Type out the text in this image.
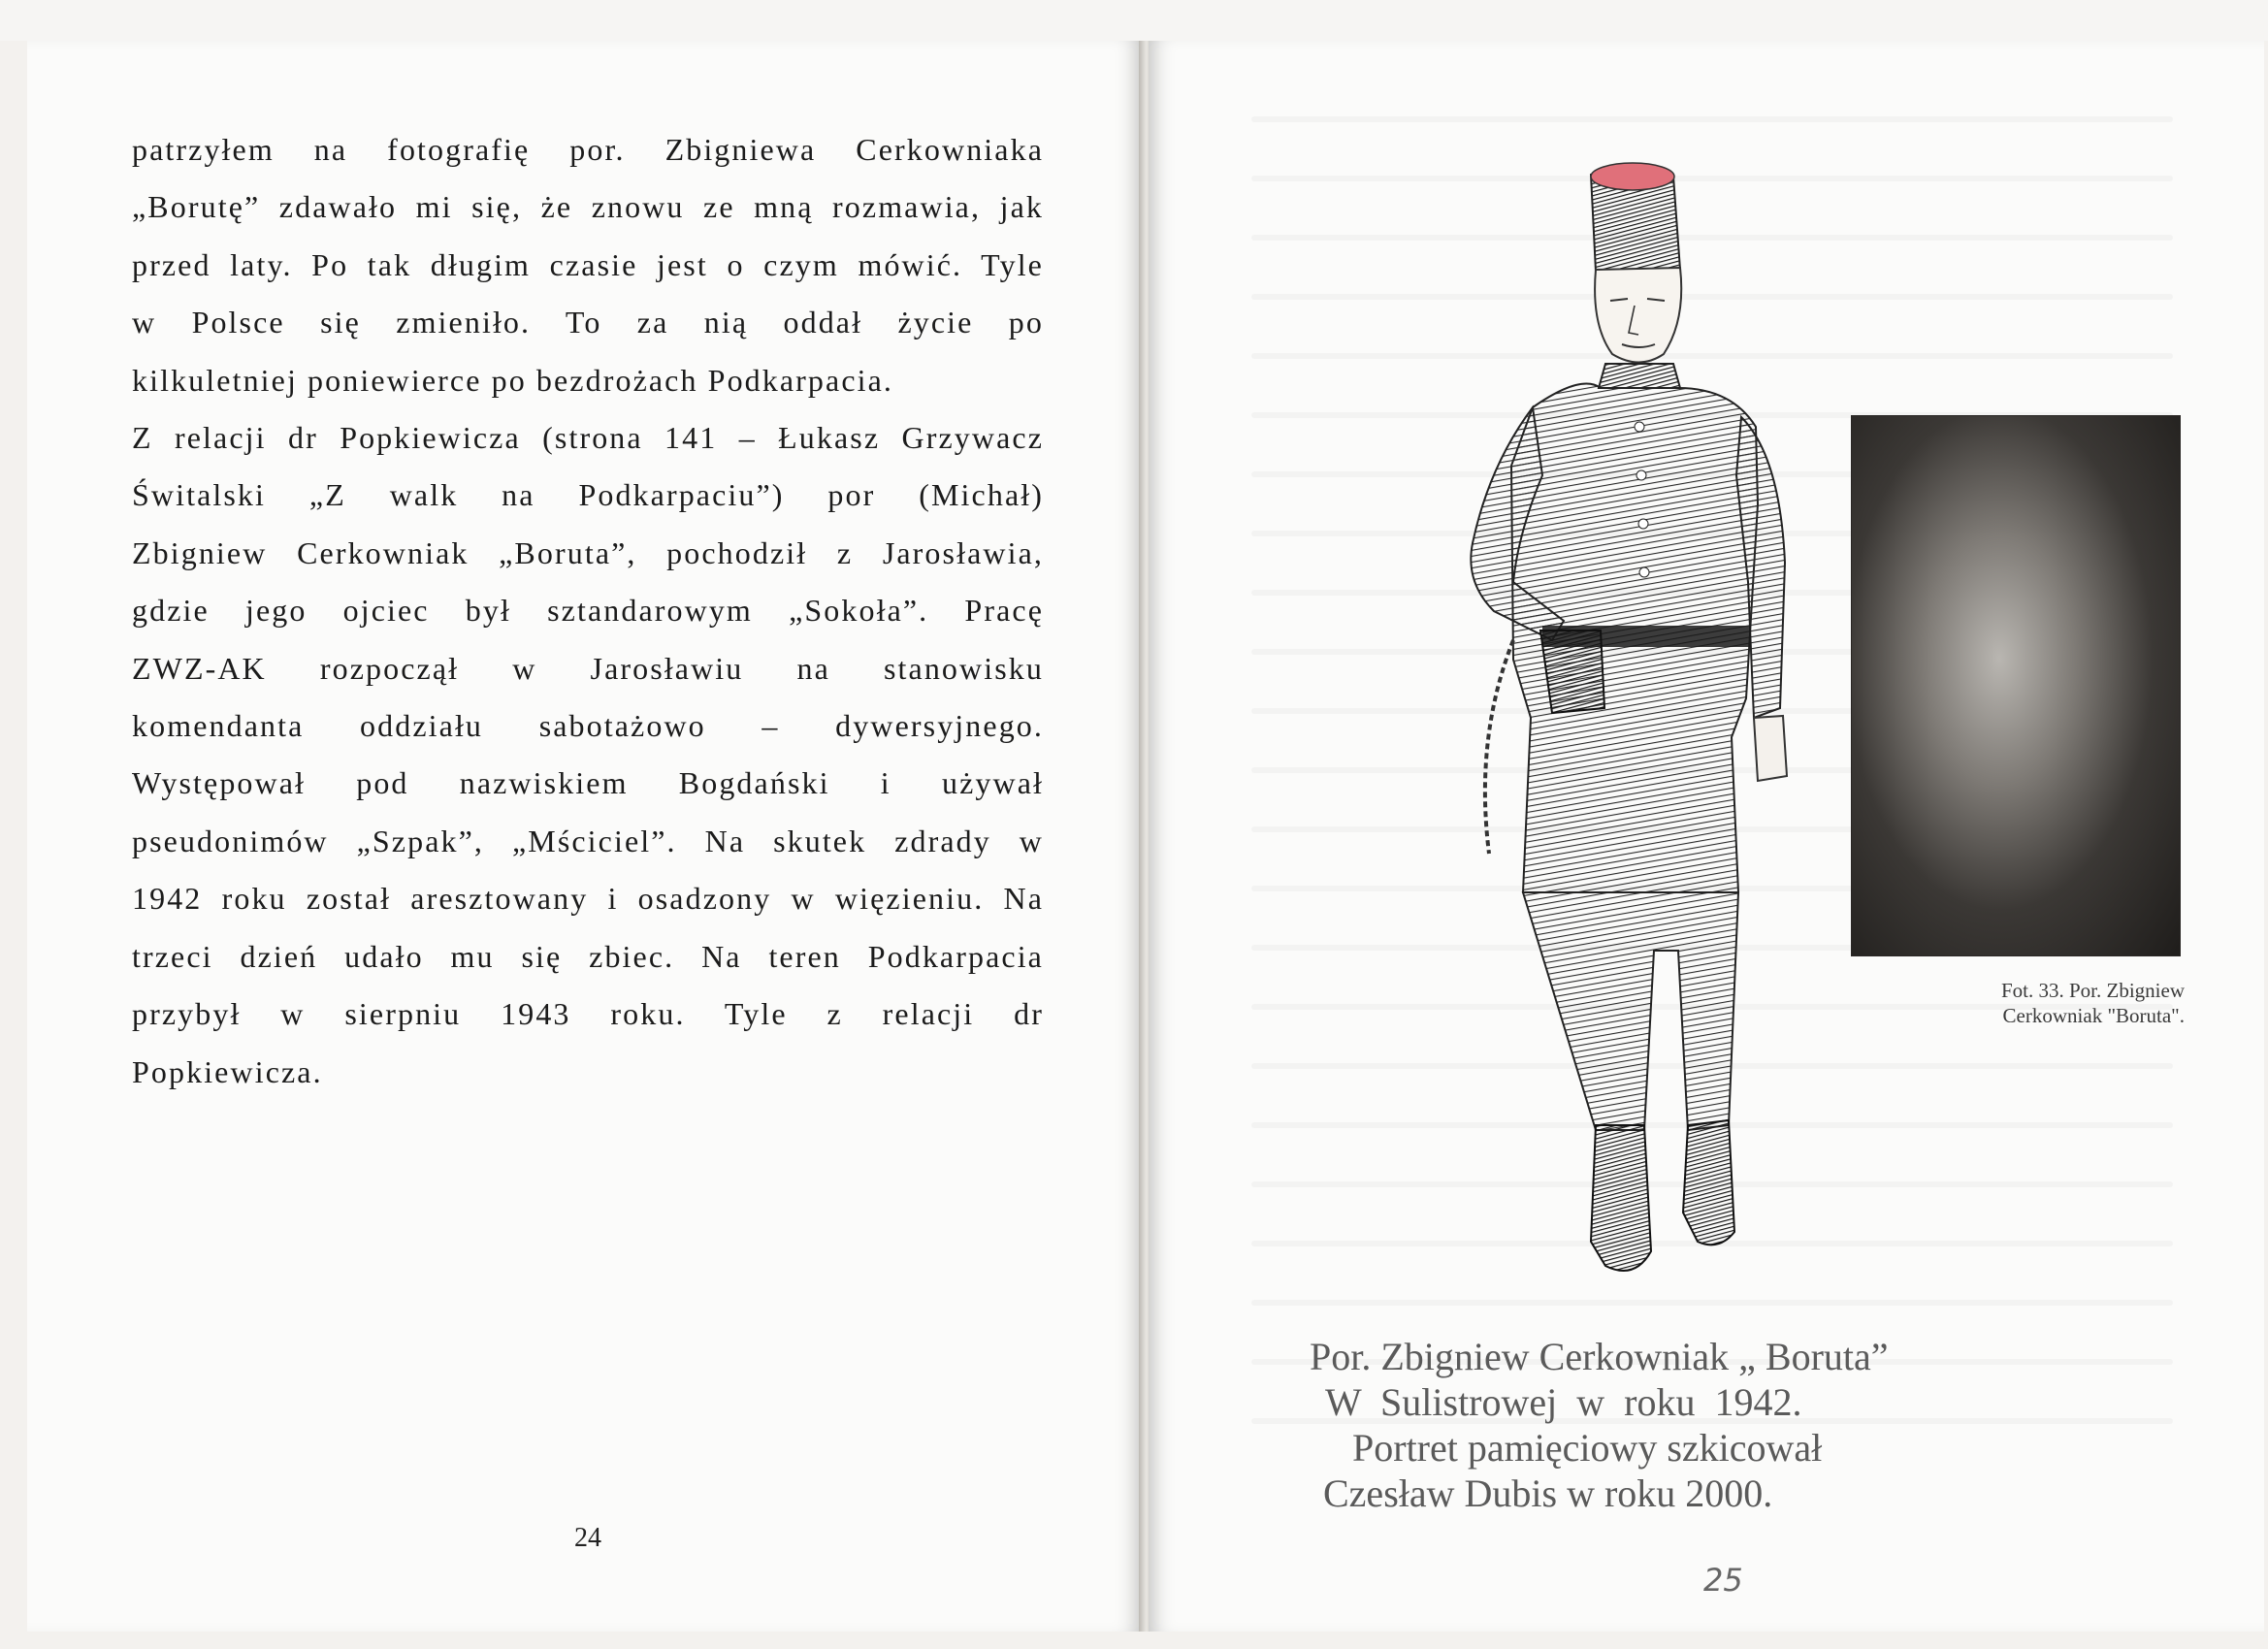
patrzyłem na fotografię por. Zbigniewa Cerkowniaka
„Borutę” zdawało mi się, że znowu ze mną rozmawia, jak
przed laty. Po tak długim czasie jest o czym mówić. Tyle
w Polsce się zmieniło. To za nią oddał życie po
kilkuletniej poniewierce po bezdrożach Podkarpacia.
Z relacji dr Popkiewicza (strona 141 – Łukasz Grzywacz
Świtalski „Z walk na Podkarpaciu”) por (Michał)
Zbigniew Cerkowniak „Boruta”, pochodził z Jarosławia,
gdzie jego ojciec był sztandarowym „Sokoła”. Pracę
ZWZ-AK rozpoczął w Jarosławiu na stanowisku
komendanta oddziału sabotażowo – dywersyjnego.
Występował pod nazwiskiem Bogdański i używał
pseudonimów „Szpak”, „Mściciel”. Na skutek zdrady w
1942 roku został aresztowany i osadzony w więzieniu. Na
trzeci dzień udało mu się zbiec. Na teren Podkarpacia
przybył w sierpniu 1943 roku. Tyle z relacji dr
Popkiewicza.
24
Fot. 33. Por. Zbigniew
Cerkowniak "Boruta".
Por. Zbigniew Cerkowniak „ Boruta”
W Sulistrowej w roku 1942.
Portret pamięciowy szkicował
Czesław Dubis w roku 2000.
25
